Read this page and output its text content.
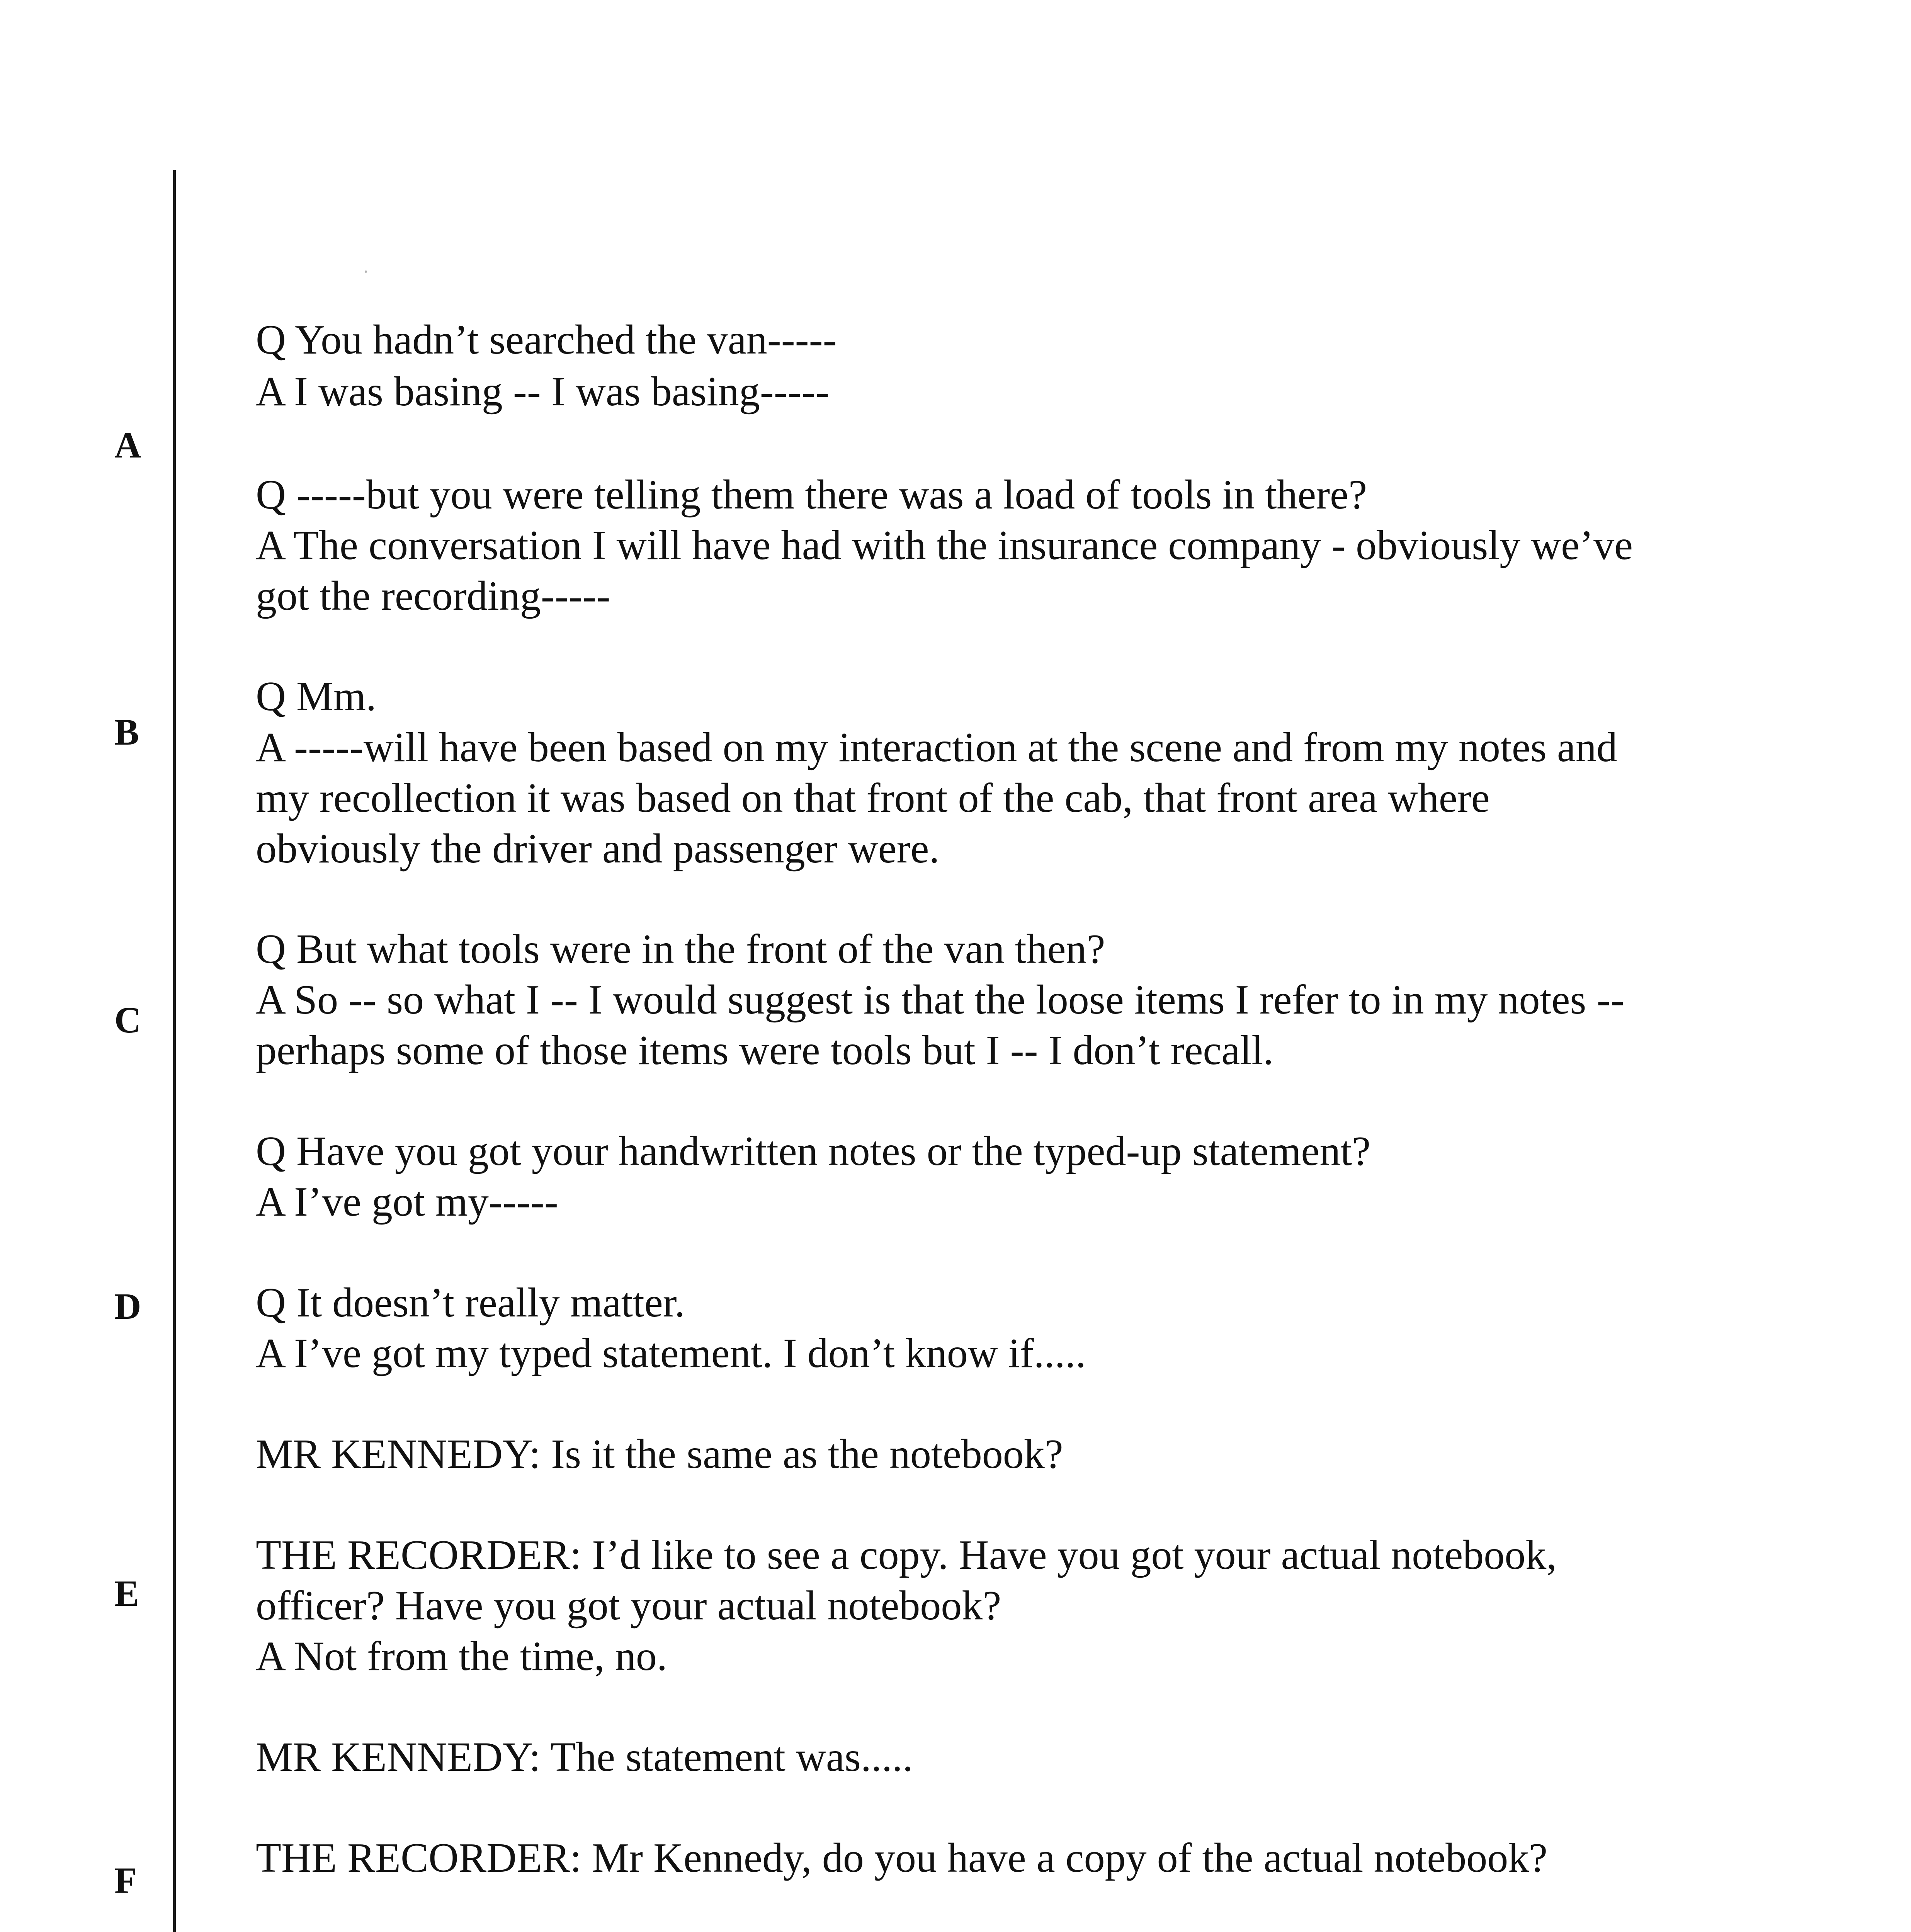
A
B
C
D
E
F
Q You hadn’t searched the van-----
A I was basing -- I was basing-----
Q -----but you were telling them there was a load of tools in there?
A The conversation I will have had with the insurance company - obviously we’ve
got the recording-----
Q Mm.
A -----will have been based on my interaction at the scene and from my notes and
my recollection it was based on that front of the cab, that front area where
obviously the driver and passenger were.
Q But what tools were in the front of the van then?
A So -- so what I -- I would suggest is that the loose items I refer to in my notes --
perhaps some of those items were tools but I -- I don’t recall.
Q Have you got your handwritten notes or the typed-up statement?
A I’ve got my-----
Q It doesn’t really matter.
A I’ve got my typed statement. I don’t know if.....
MR KENNEDY: Is it the same as the notebook?
THE RECORDER: I’d like to see a copy. Have you got your actual notebook,
officer? Have you got your actual notebook?
A Not from the time, no.
MR KENNEDY: The statement was.....
THE RECORDER: Mr Kennedy, do you have a copy of the actual notebook?
